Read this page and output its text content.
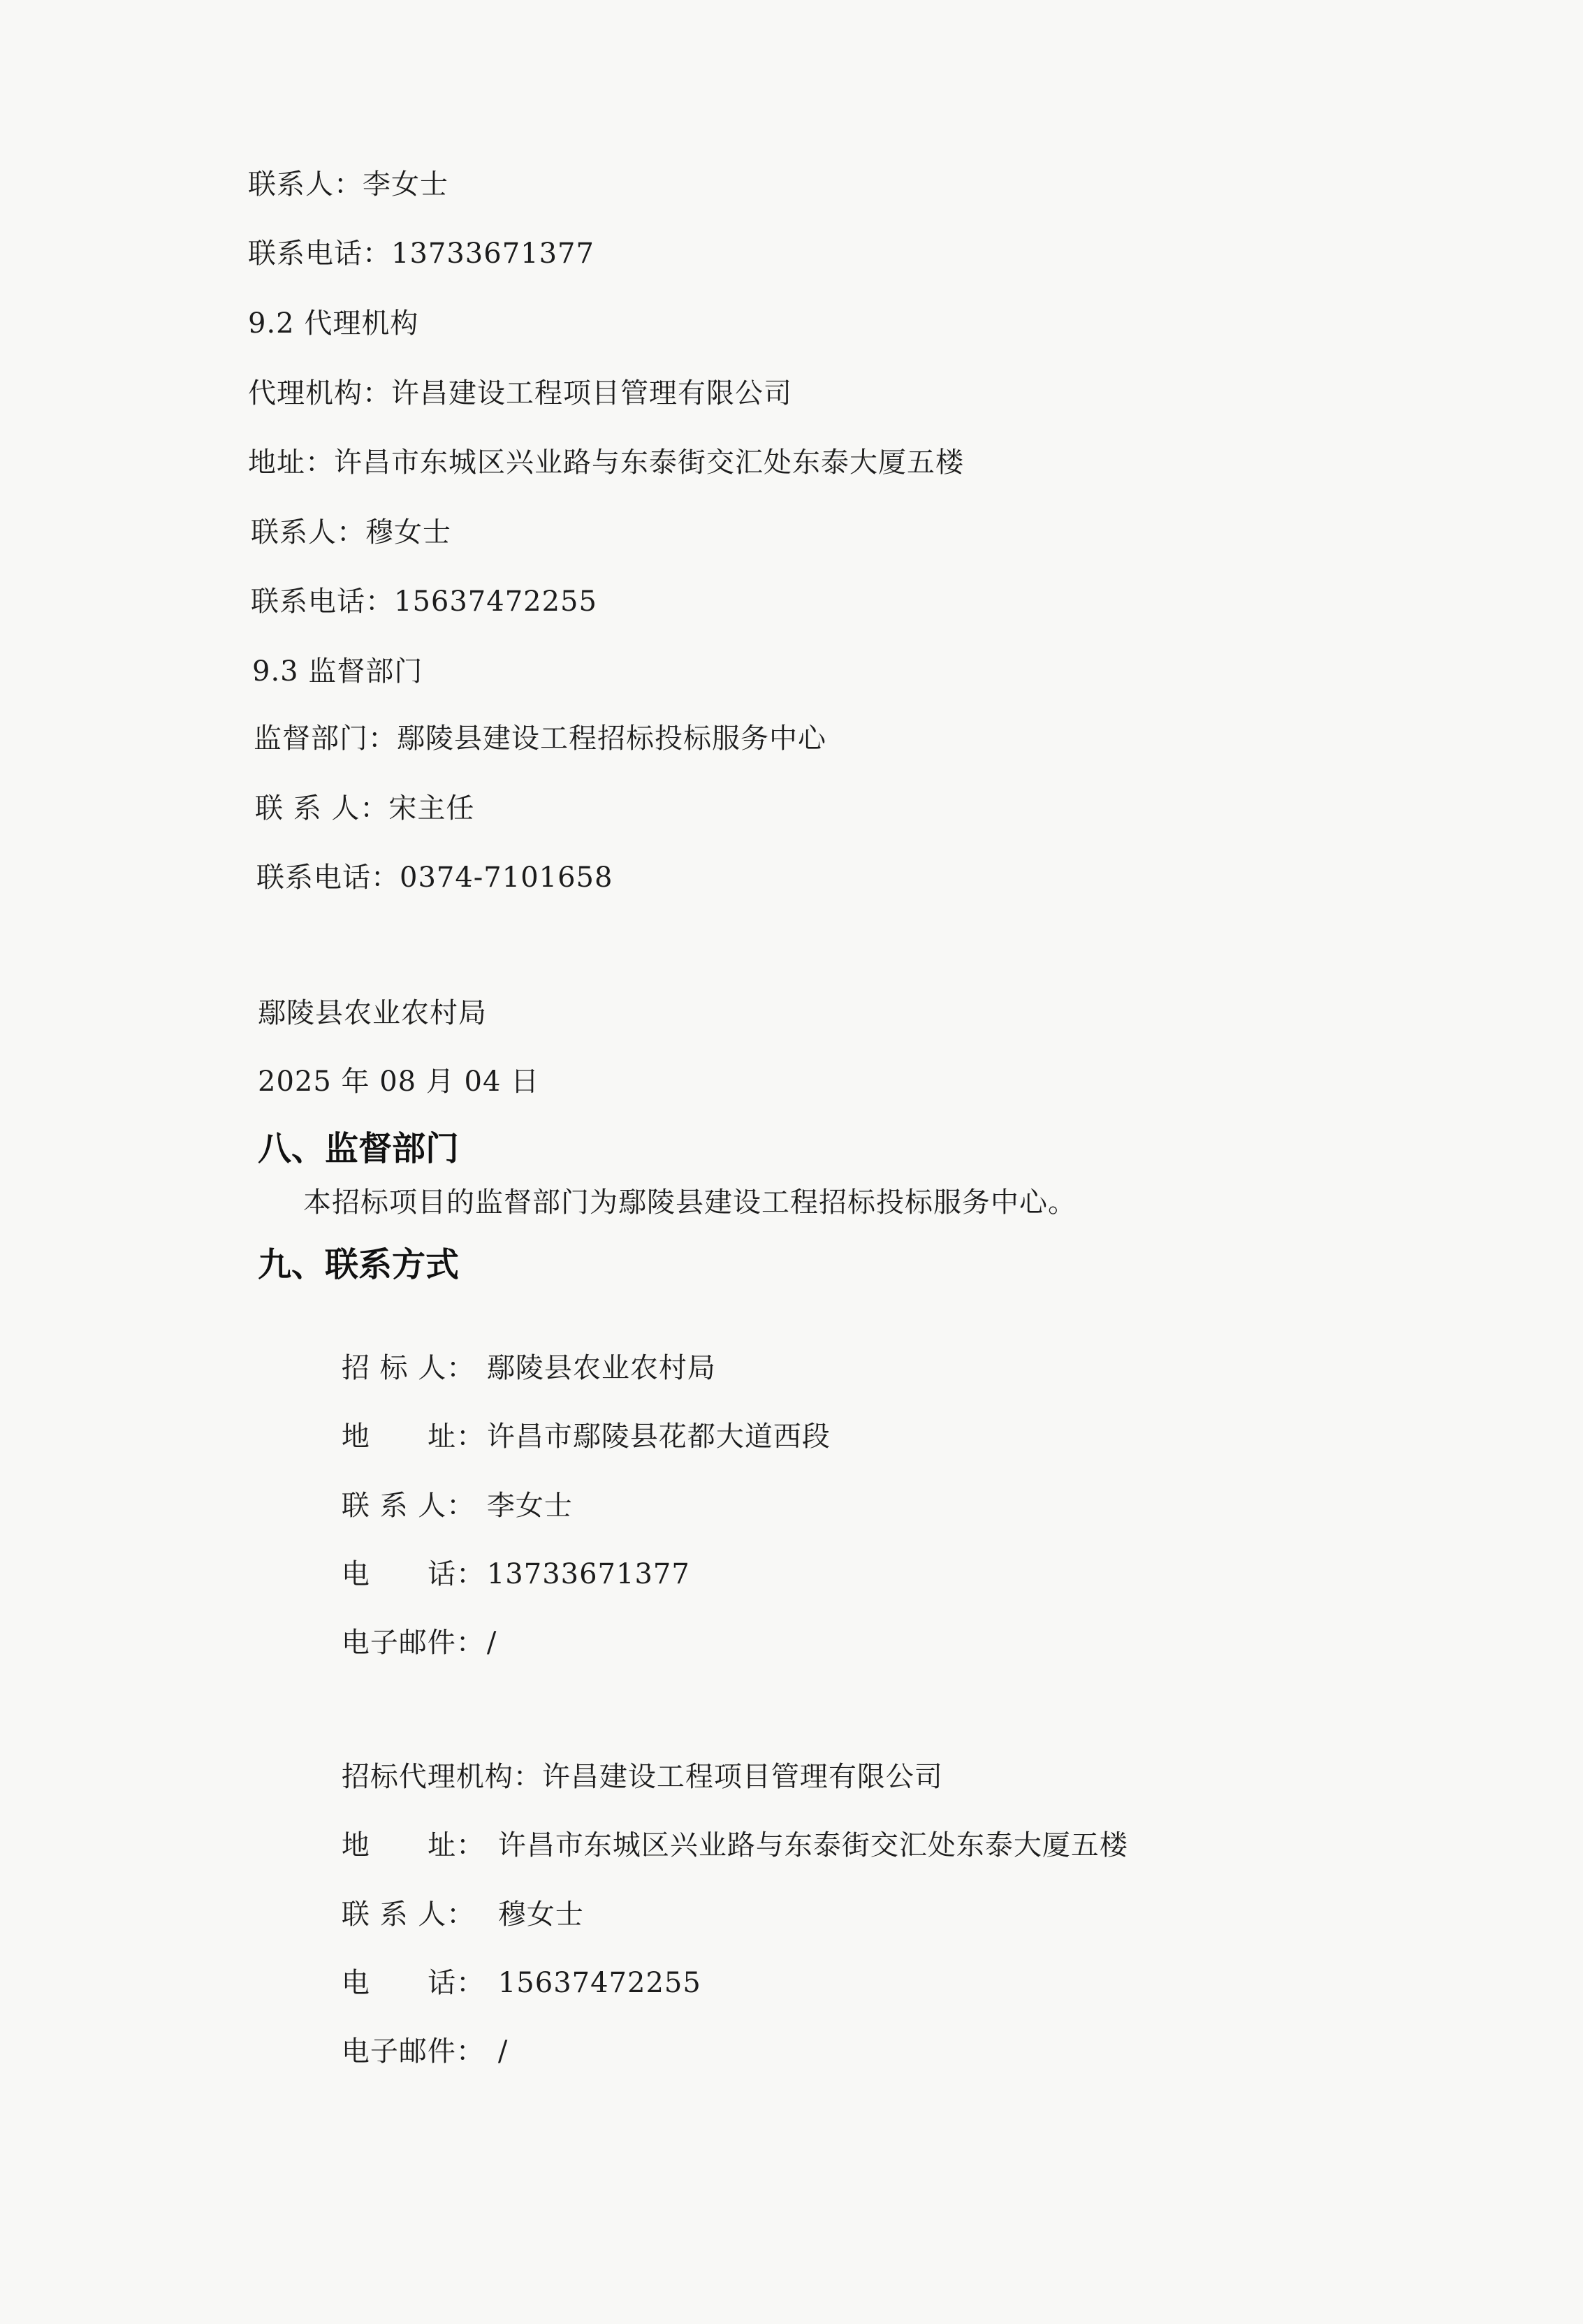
联系人：李女士
联系电话：13733671377
9.2 代理机构
代理机构：许昌建设工程项目管理有限公司
地址：许昌市东城区兴业路与东泰街交汇处东泰大厦五楼
联系人：穆女士
联系电话：15637472255
9.3 监督部门
监督部门：鄢陵县建设工程招标投标服务中心
联 系 人：宋主任
联系电话：0374-7101658
鄢陵县农业农村局
2025 年 08 月 04 日
八、监督部门
本招标项目的监督部门为鄢陵县建设工程招标投标服务中心。
九、联系方式

招 标 人： 鄢陵县农业农村局

地      址：许昌市鄢陵县花都大道西段

联 系 人： 李女士

电      话：13733671377

电子邮件：/

招标代理机构：许昌建设工程项目管理有限公司

地      址： 许昌市东城区兴业路与东泰街交汇处东泰大厦五楼

联 系 人： 穆女士

电      话： 15637472255

电子邮件： /
